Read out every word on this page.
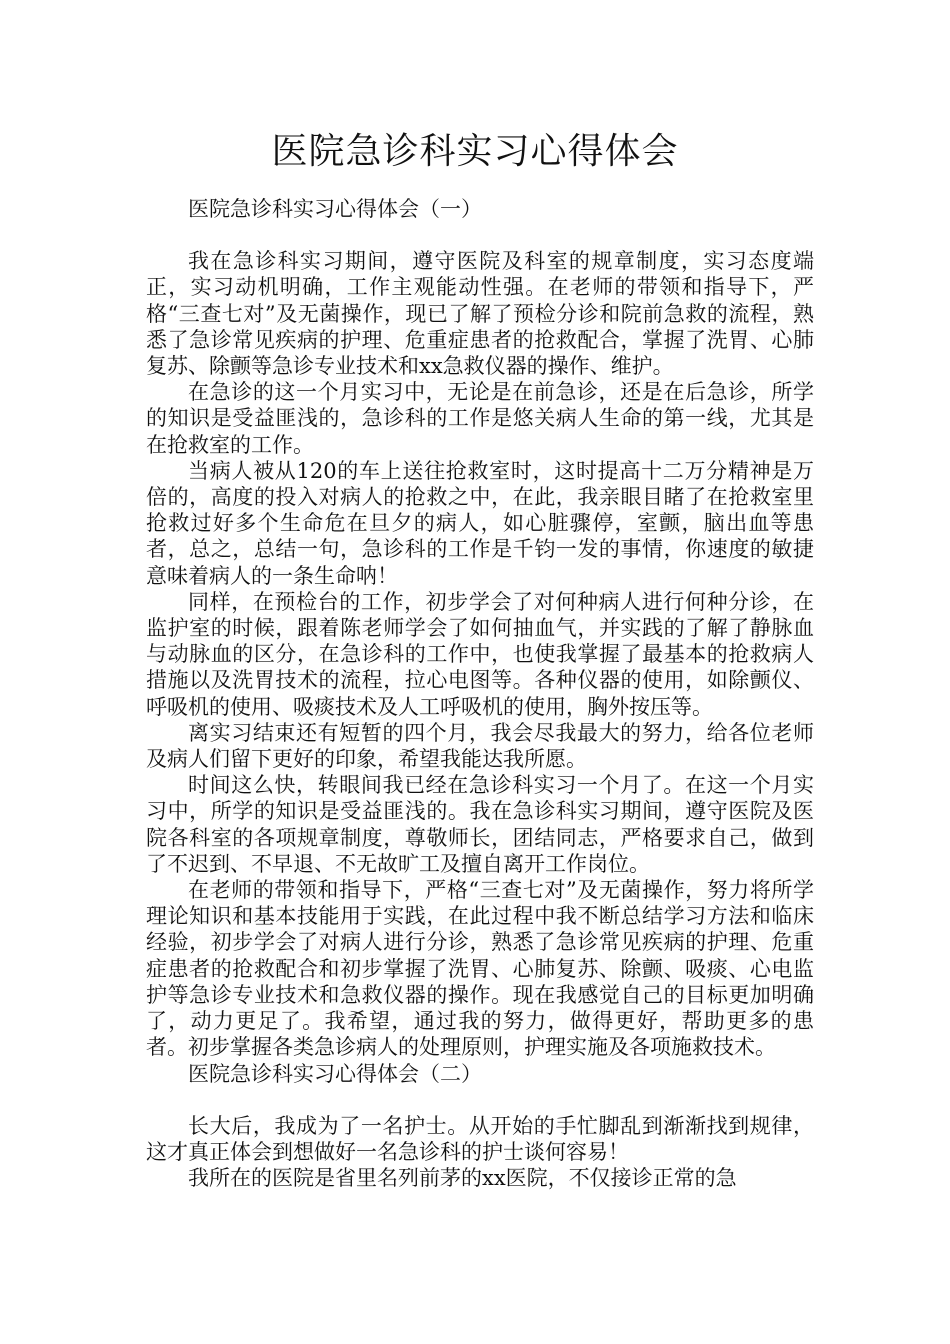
医院急诊科实习心得体会

医院急诊科实习心得体会（一）

我在急诊科实习期间，遵守医院及科室的规章制度，实习态度端正，实习动机明确，工作主观能动性强。在老师的带领和指导下，严格“三查七对”及无菌操作，现已了解了预检分诊和院前急救的流程，熟悉了急诊常见疾病的护理、危重症患者的抢救配合，掌握了洗胃、心肺复苏、除颤等急诊专业技术和xx急救仪器的操作、维护。

在急诊的这一个月实习中，无论是在前急诊，还是在后急诊，所学的知识是受益匪浅的，急诊科的工作是悠关病人生命的第一线，尤其是在抢救室的工作。

当病人被从120的车上送往抢救室时，这时提高十二万分精神是万倍的，高度的投入对病人的抢救之中，在此，我亲眼目睹了在抢救室里抢救过好多个生命危在旦夕的病人，如心脏骤停，室颤，脑出血等患者，总之，总结一句，急诊科的工作是千钧一发的事情，你速度的敏捷意味着病人的一条生命呐！

同样，在预检台的工作，初步学会了对何种病人进行何种分诊，在监护室的时候，跟着陈老师学会了如何抽血气，并实践的了解了静脉血与动脉血的区分，在急诊科的工作中，也使我掌握了最基本的抢救病人措施以及洗胃技术的流程，拉心电图等。各种仪器的使用，如除颤仪、呼吸机的使用、吸痰技术及人工呼吸机的使用，胸外按压等。

离实习结束还有短暂的四个月，我会尽我最大的努力，给各位老师及病人们留下更好的印象，希望我能达我所愿。

时间这么快，转眼间我已经在急诊科实习一个月了。在这一个月实习中，所学的知识是受益匪浅的。我在急诊科实习期间，遵守医院及医院各科室的各项规章制度，尊敬师长，团结同志，严格要求自己，做到了不迟到、不早退、不无故旷工及擅自离开工作岗位。

在老师的带领和指导下，严格“三查七对”及无菌操作，努力将所学理论知识和基本技能用于实践，在此过程中我不断总结学习方法和临床经验，初步学会了对病人进行分诊，熟悉了急诊常见疾病的护理、危重症患者的抢救配合和初步掌握了洗胃、心肺复苏、除颤、吸痰、心电监护等急诊专业技术和急救仪器的操作。现在我感觉自己的目标更加明确了，动力更足了。我希望，通过我的努力，做得更好，帮助更多的患者。初步掌握各类急诊病人的处理原则，护理实施及各项施救技术。

医院急诊科实习心得体会（二）

长大后，我成为了一名护士。从开始的手忙脚乱到渐渐找到规律，这才真正体会到想做好一名急诊科的护士谈何容易！

我所在的医院是省里名列前茅的xx医院，不仅接诊正常的急
